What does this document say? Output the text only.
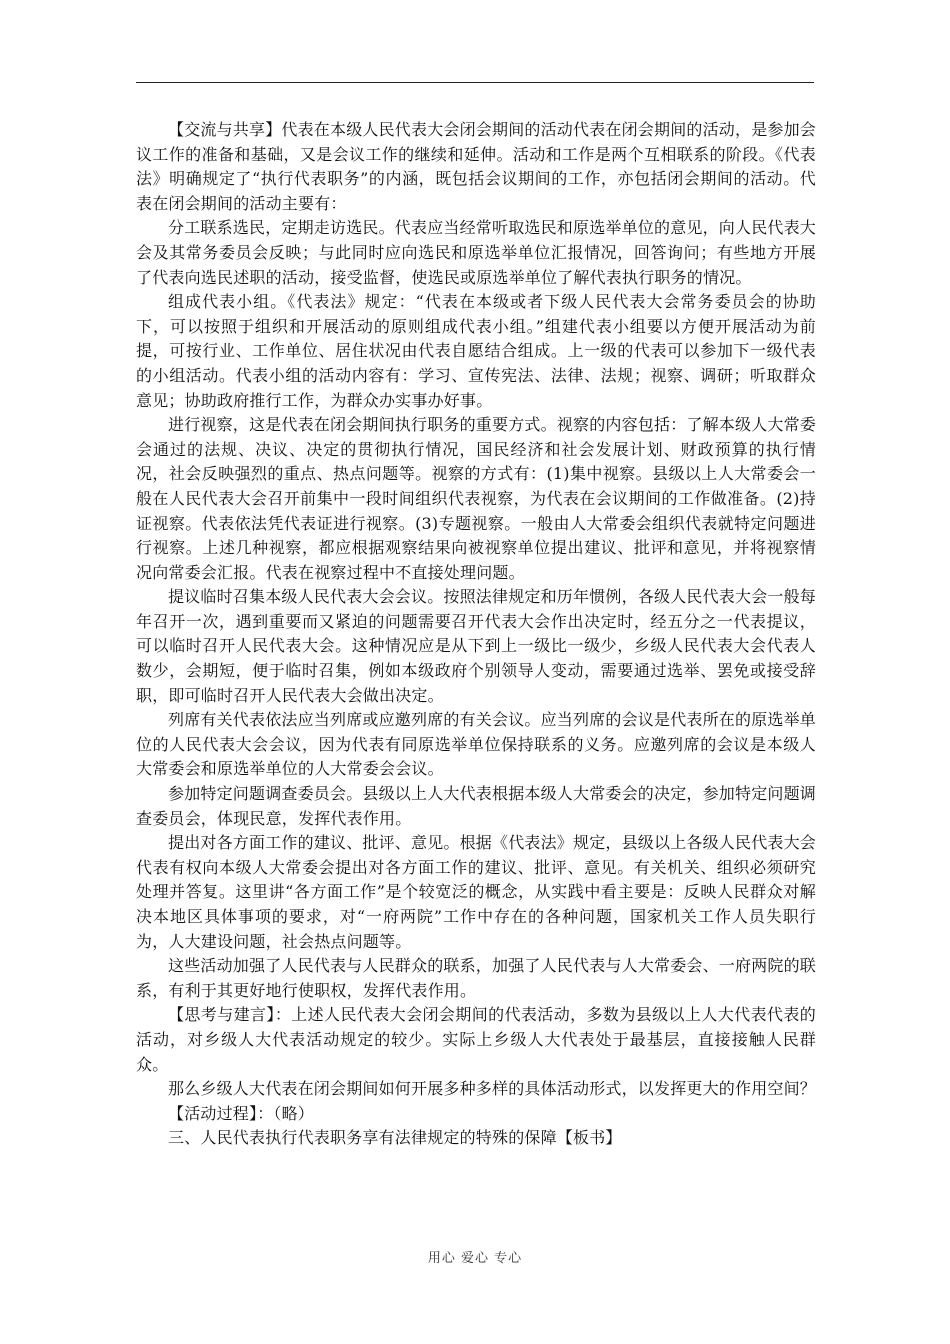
【交流与共享】代表在本级人民代表大会闭会期间的活动代表在闭会期间的活动，是参加会议工作的准备和基础，又是会议工作的继续和延伸。活动和工作是两个互相联系的阶段。《代表法》明确规定了“执行代表职务”的内涵，既包括会议期间的工作，亦包括闭会期间的活动。代表在闭会期间的活动主要有：

分工联系选民，定期走访选民。代表应当经常听取选民和原选举单位的意见，向人民代表大会及其常务委员会反映；与此同时应向选民和原选举单位汇报情况，回答询问；有些地方开展了代表向选民述职的活动，接受监督，使选民或原选举单位了解代表执行职务的情况。

组成代表小组。《代表法》规定：“代表在本级或者下级人民代表大会常务委员会的协助下，可以按照于组织和开展活动的原则组成代表小组。”组建代表小组要以方便开展活动为前提，可按行业、工作单位、居住状况由代表自愿结合组成。上一级的代表可以参加下一级代表的小组活动。代表小组的活动内容有：学习、宣传宪法、法律、法规；视察、调研；听取群众意见；协助政府推行工作，为群众办实事办好事。

进行视察，这是代表在闭会期间执行职务的重要方式。视察的内容包括：了解本级人大常委会通过的法规、决议、决定的贯彻执行情况，国民经济和社会发展计划、财政预算的执行情况，社会反映强烈的重点、热点问题等。视察的方式有：(1)集中视察。县级以上人大常委会一般在人民代表大会召开前集中一段时间组织代表视察，为代表在会议期间的工作做准备。(2)持证视察。代表依法凭代表证进行视察。(3)专题视察。一般由人大常委会组织代表就特定问题进行视察。上述几种视察，都应根据观察结果向被视察单位提出建议、批评和意见，并将视察情况向常委会汇报。代表在视察过程中不直接处理问题。

提议临时召集本级人民代表大会会议。按照法律规定和历年惯例，各级人民代表大会一般每年召开一次，遇到重要而又紧迫的问题需要召开代表大会作出决定时，经五分之一代表提议，可以临时召开人民代表大会。这种情况应是从下到上一级比一级少，乡级人民代表大会代表人数少，会期短，便于临时召集，例如本级政府个别领导人变动，需要通过选举、罢免或接受辞职，即可临时召开人民代表大会做出决定。

列席有关代表依法应当列席或应邀列席的有关会议。应当列席的会议是代表所在的原选举单位的人民代表大会会议，因为代表有同原选举单位保持联系的义务。应邀列席的会议是本级人大常委会和原选举单位的人大常委会会议。

参加特定问题调查委员会。县级以上人大代表根据本级人大常委会的决定，参加特定问题调查委员会，体现民意，发挥代表作用。

提出对各方面工作的建议、批评、意见。根据《代表法》规定，县级以上各级人民代表大会代表有权向本级人大常委会提出对各方面工作的建议、批评、意见。有关机关、组织必须研究处理并答复。这里讲“各方面工作”是个较宽泛的概念，从实践中看主要是：反映人民群众对解决本地区具体事项的要求，对“一府两院”工作中存在的各种问题，国家机关工作人员失职行为，人大建设问题，社会热点问题等。

这些活动加强了人民代表与人民群众的联系，加强了人民代表与人大常委会、一府两院的联系，有利于其更好地行使职权，发挥代表作用。

【思考与建言】：上述人民代表大会闭会期间的代表活动，多数为县级以上人大代表代表的活动，对乡级人大代表活动规定的较少。实际上乡级人大代表处于最基层，直接接触人民群众。

那么乡级人大代表在闭会期间如何开展多种多样的具体活动形式，以发挥更大的作用空间？

【活动过程】：（略）

三、人民代表执行代表职务享有法律规定的特殊的保障【板书】

用心 爱心 专心
